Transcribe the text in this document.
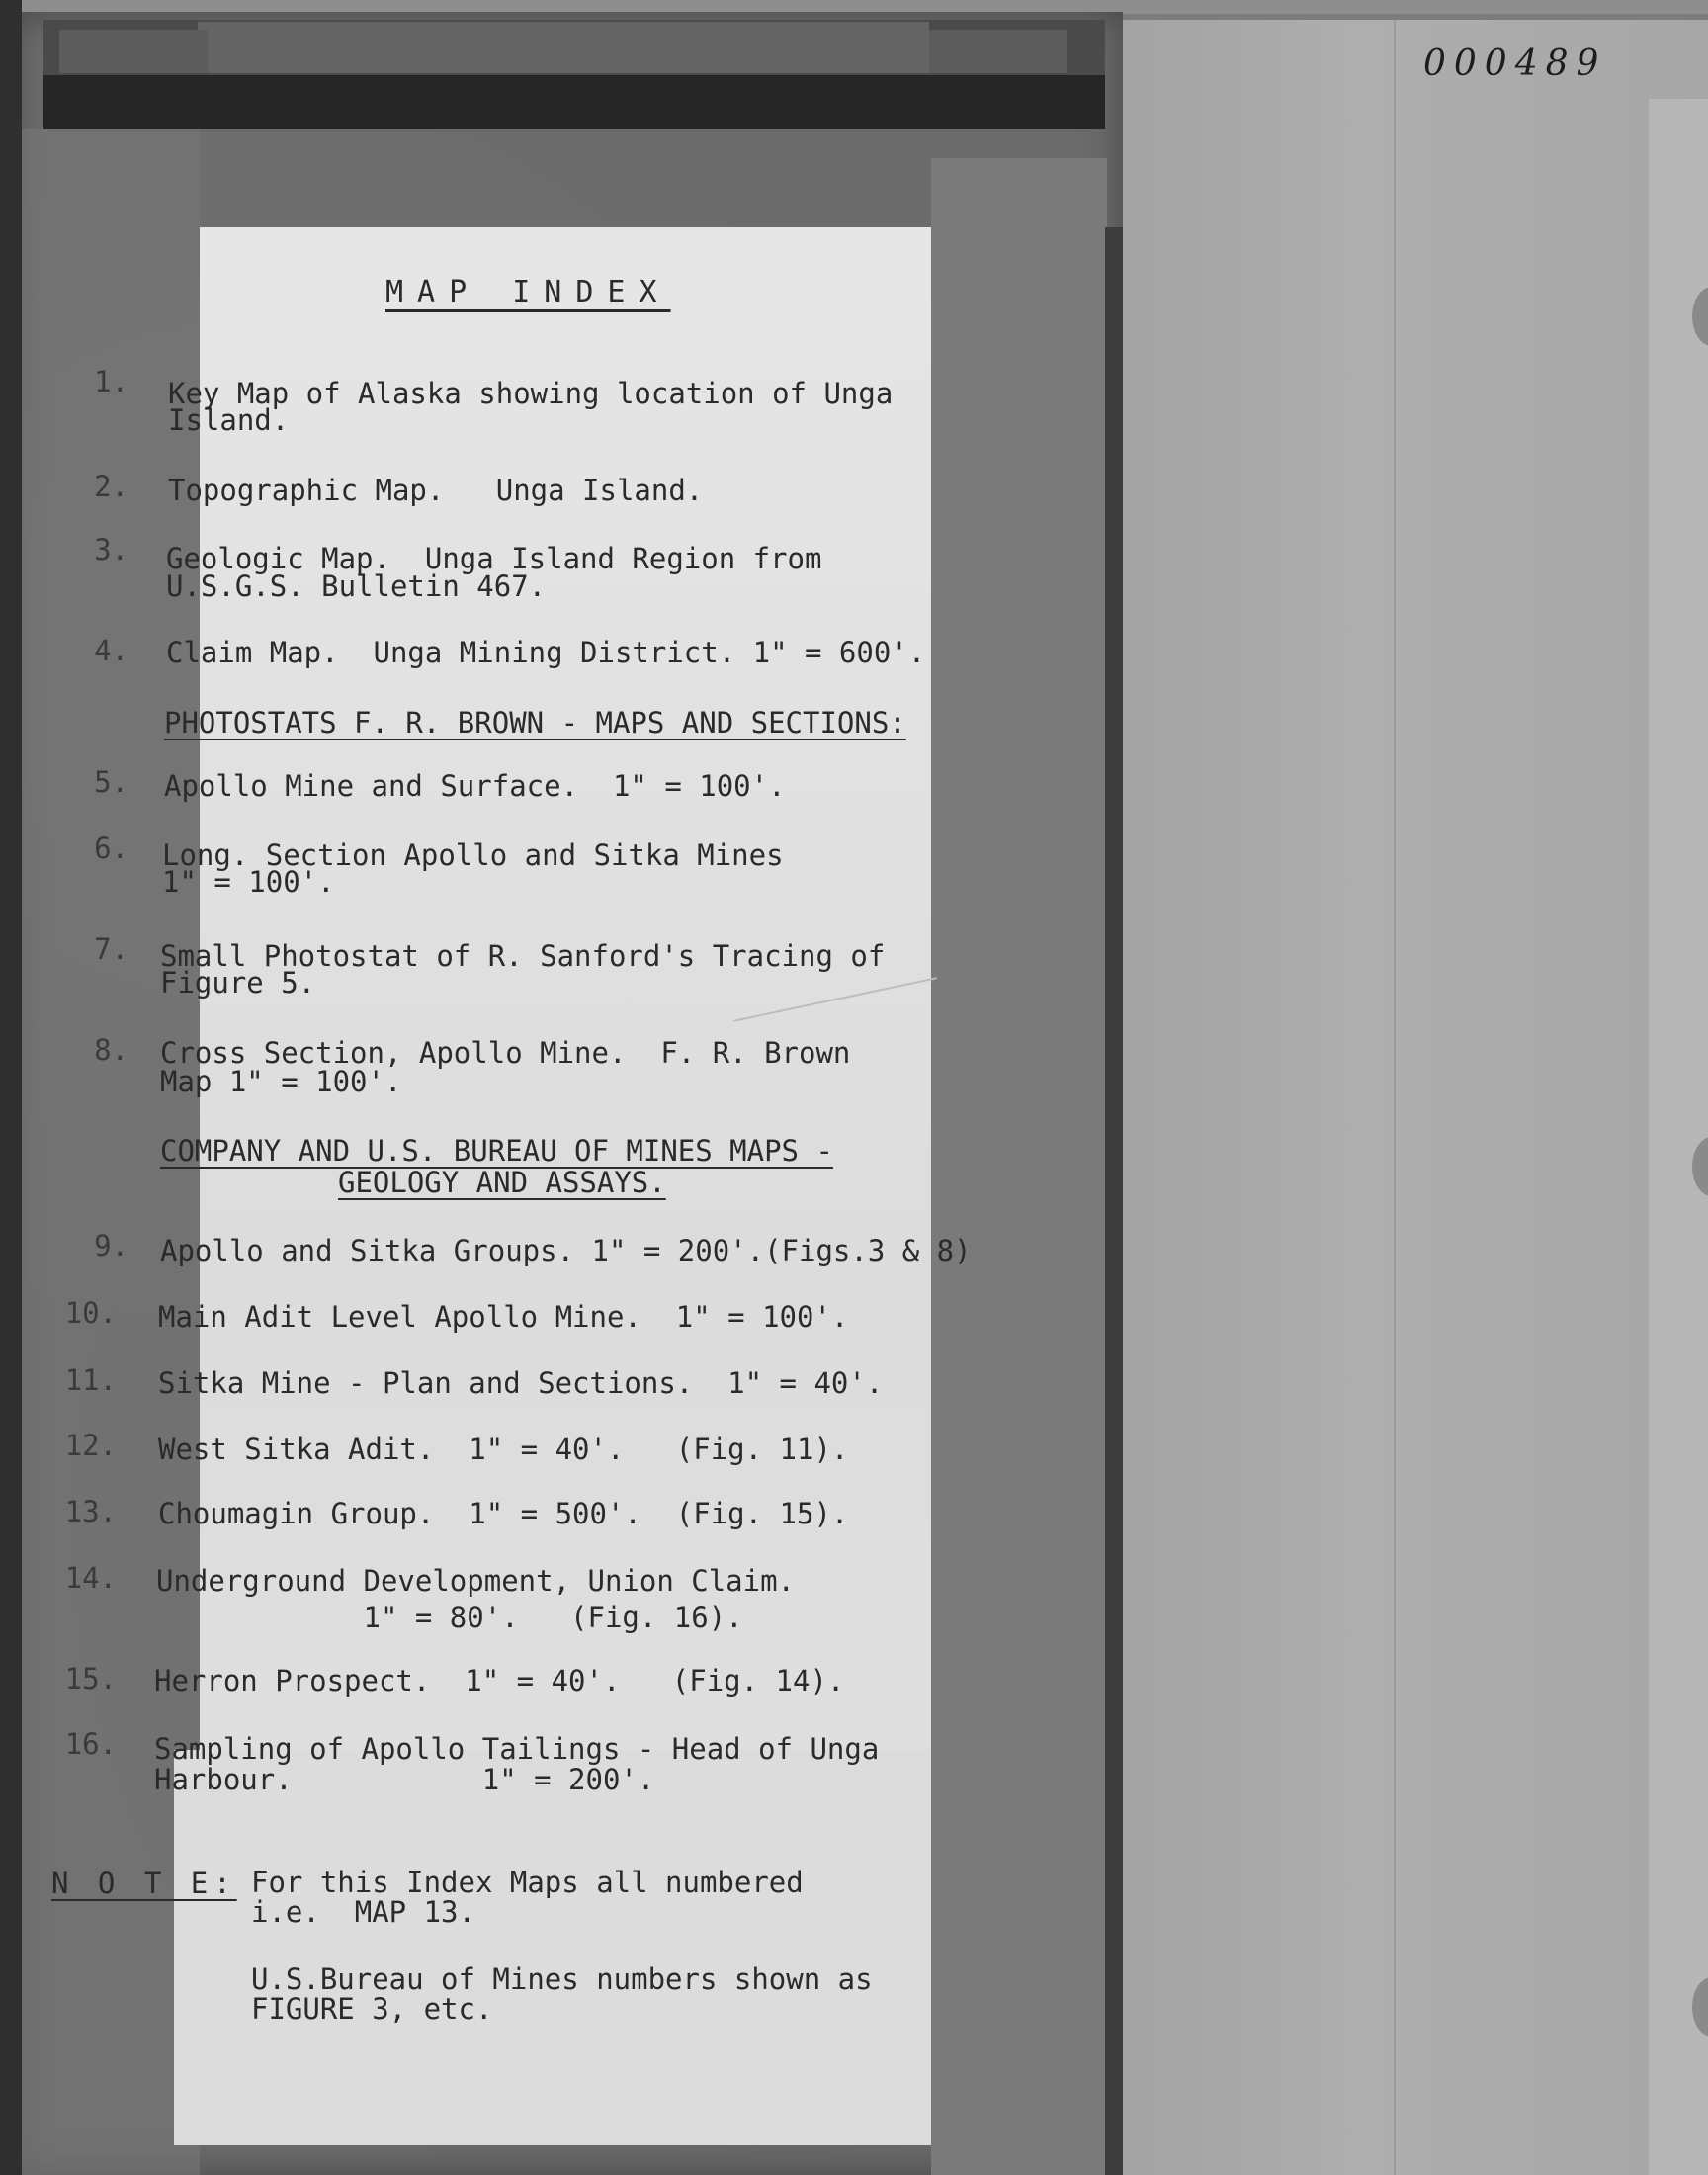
000489
MAP INDEX
1. Key Map of Alaska showing location of Unga
Island.
2. Topographic Map.   Unga Island.
3. Geologic Map.  Unga Island Region from
U.S.G.S. Bulletin 467.
4. Claim Map.  Unga Mining District. 1" = 600'.
PHOTOSTATS F. R. BROWN - MAPS AND SECTIONS:
5. Apollo Mine and Surface.  1" = 100'.
6. Long. Section Apollo and Sitka Mines
1" = 100'.
7. Small Photostat of R. Sanford's Tracing of
Figure 5.
8. Cross Section, Apollo Mine.  F. R. Brown
Map 1" = 100'.
COMPANY AND U.S. BUREAU OF MINES MAPS -
GEOLOGY AND ASSAYS.
9. Apollo and Sitka Groups. 1" = 200'.(Figs.3 & 8)
10. Main Adit Level Apollo Mine.  1" = 100'.
11. Sitka Mine - Plan and Sections.  1" = 40'.
12. West Sitka Adit.  1" = 40'.   (Fig. 11).
13. Choumagin Group.  1" = 500'.  (Fig. 15).
14. Underground Development, Union Claim.
1" = 80'.   (Fig. 16).
15. Herron Prospect.  1" = 40'.   (Fig. 14).
16. Sampling of Apollo Tailings - Head of Unga
Harbour.           1" = 200'.
N O T E: For this Index Maps all numbered
i.e.  MAP 13.
U.S.Bureau of Mines numbers shown as
FIGURE 3, etc.
